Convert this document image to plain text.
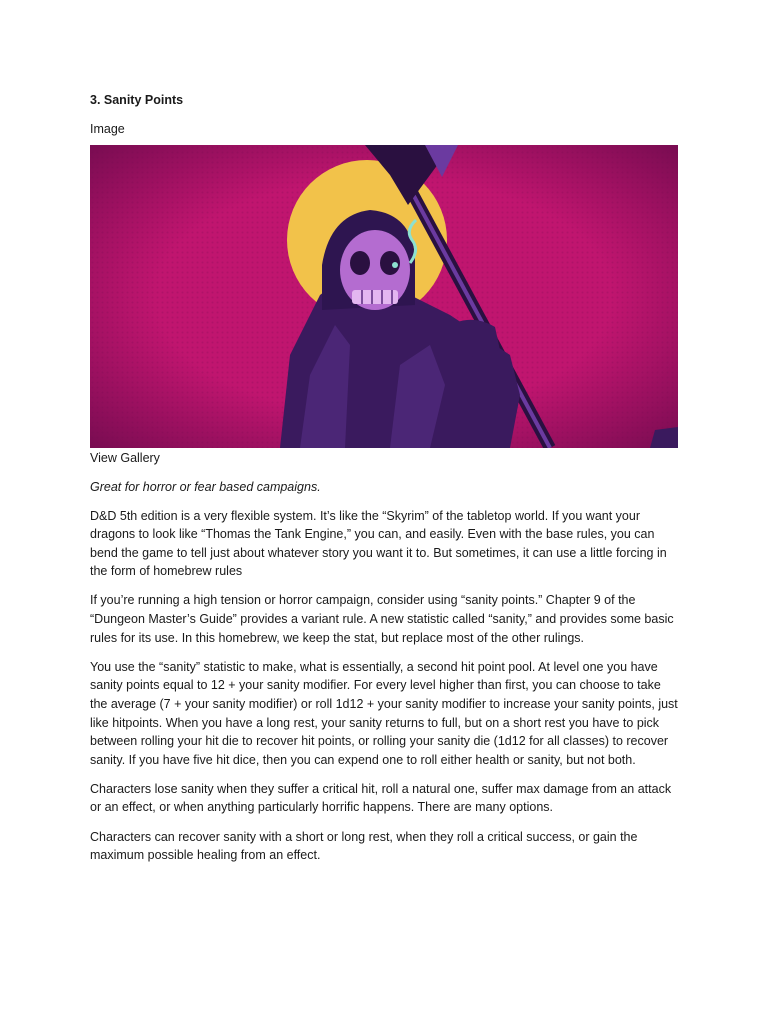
3. Sanity Points
Image
View Gallery

Great for horror or fear based campaigns.

D&D 5th edition is a very flexible system. It’s like the “Skyrim” of the tabletop world. If you want your dragons to look like “Thomas the Tank Engine,” you can, and easily. Even with the base rules, you can bend the game to tell just about whatever story you want it to. But sometimes, it can use a little forcing in the form of homebrew rules

If you’re running a high tension or horror campaign, consider using “sanity points.” Chapter 9 of the “Dungeon Master’s Guide” provides a variant rule. A new statistic called “sanity,” and provides some basic rules for its use. In this homebrew, we keep the stat, but replace most of the other rulings.

You use the “sanity” statistic to make, what is essentially, a second hit point pool. At level one you have sanity points equal to 12 + your sanity modifier. For every level higher than first, you can choose to take the average (7 + your sanity modifier) or roll 1d12 + your sanity modifier to increase your sanity points, just like hitpoints. When you have a long rest, your sanity returns to full, but on a short rest you have to pick between rolling your hit die to recover hit points, or rolling your sanity die (1d12 for all classes) to recover sanity. If you have five hit dice, then you can expend one to roll either health or sanity, but not both.

Characters lose sanity when they suffer a critical hit, roll a natural one, suffer max damage from an attack or an effect, or when anything particularly horrific happens. There are many options.

Characters can recover sanity with a short or long rest, when they roll a critical success, or gain the maximum possible healing from an effect.
